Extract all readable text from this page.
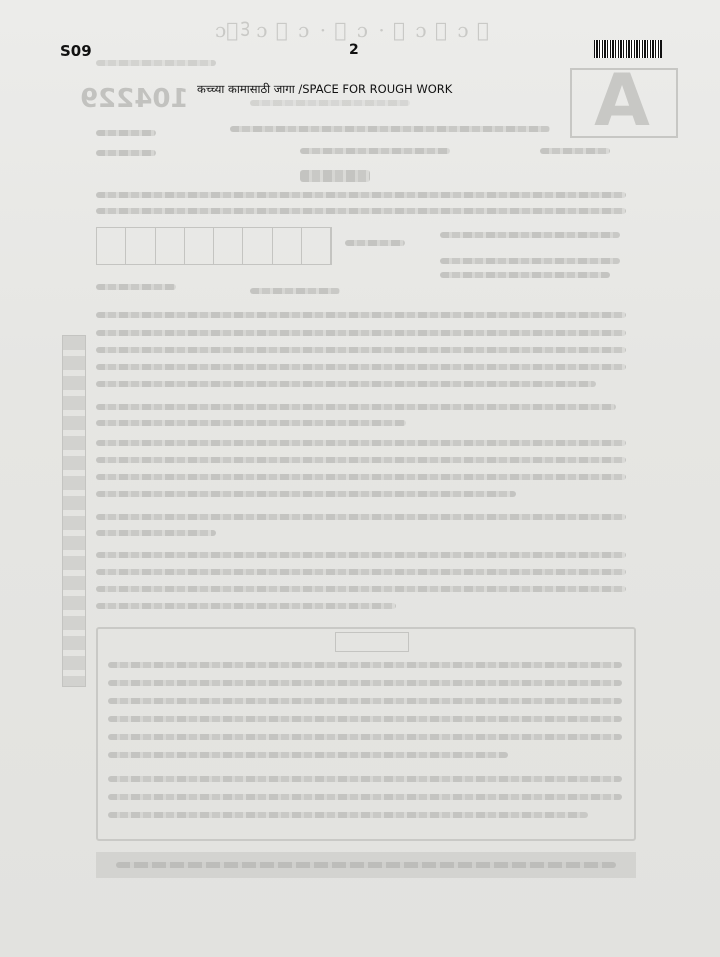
ɔ᪸ᢃ ɔ ᪸ ɔ · ᪸ ɔ · ᪸ ɔ ᪸ ɔ ᪸
104229	A
S09	2
कच्च्या कामासाठी जागा /SPACE FOR ROUGH WORK
